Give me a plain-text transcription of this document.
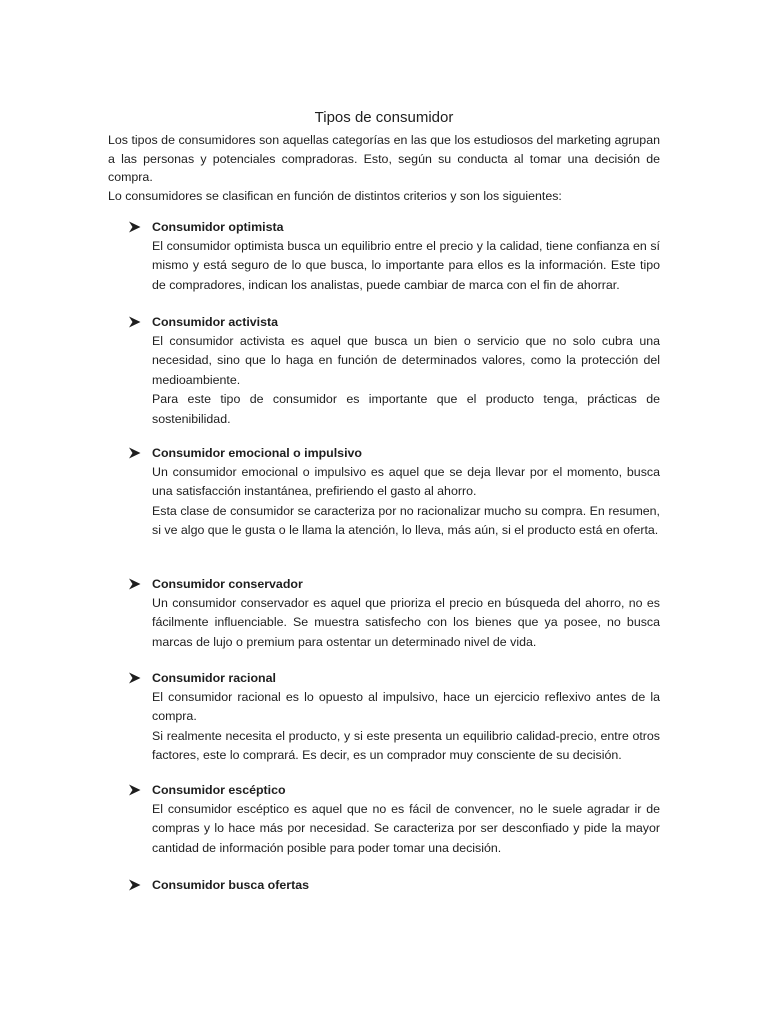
Tipos de consumidor

Los tipos de consumidores son aquellas categorías en las que los estudiosos del marketing agrupan a las personas y potenciales compradoras. Esto, según su conducta al tomar una decisión de compra.

Lo consumidores se clasifican en función de distintos criterios y son los siguientes:

Consumidor optimista

El consumidor optimista busca un equilibrio entre el precio y la calidad, tiene confianza en sí mismo y está seguro de lo que busca, lo importante para ellos es la información. Este tipo de compradores, indican los analistas, puede cambiar de marca con el fin de ahorrar.

Consumidor activista

El consumidor activista es aquel que busca un bien o servicio que no solo cubra una necesidad, sino que lo haga en función de determinados valores, como la protección del medioambiente.

Para este tipo de consumidor es importante que el producto tenga, prácticas de sostenibilidad.

Consumidor emocional o impulsivo

Un consumidor emocional o impulsivo es aquel que se deja llevar por el momento, busca una satisfacción instantánea, prefiriendo el gasto al ahorro.

Esta clase de consumidor se caracteriza por no racionalizar mucho su compra. En resumen, si ve algo que le gusta o le llama la atención, lo lleva, más aún, si el producto está en oferta.

Consumidor conservador

Un consumidor conservador es aquel que prioriza el precio en búsqueda del ahorro, no es fácilmente influenciable. Se muestra satisfecho con los bienes que ya posee, no busca marcas de lujo o premium para ostentar un determinado nivel de vida.

Consumidor racional

El consumidor racional es lo opuesto al impulsivo, hace un ejercicio reflexivo antes de la compra.

Si realmente necesita el producto, y si este presenta un equilibrio calidad-precio, entre otros factores, este lo comprará. Es decir, es un comprador muy consciente de su decisión.

Consumidor escéptico

El consumidor escéptico es aquel que no es fácil de convencer, no le suele agradar ir de compras y lo hace más por necesidad. Se caracteriza por ser desconfiado y pide la mayor cantidad de información posible para poder tomar una decisión.

Consumidor busca ofertas
